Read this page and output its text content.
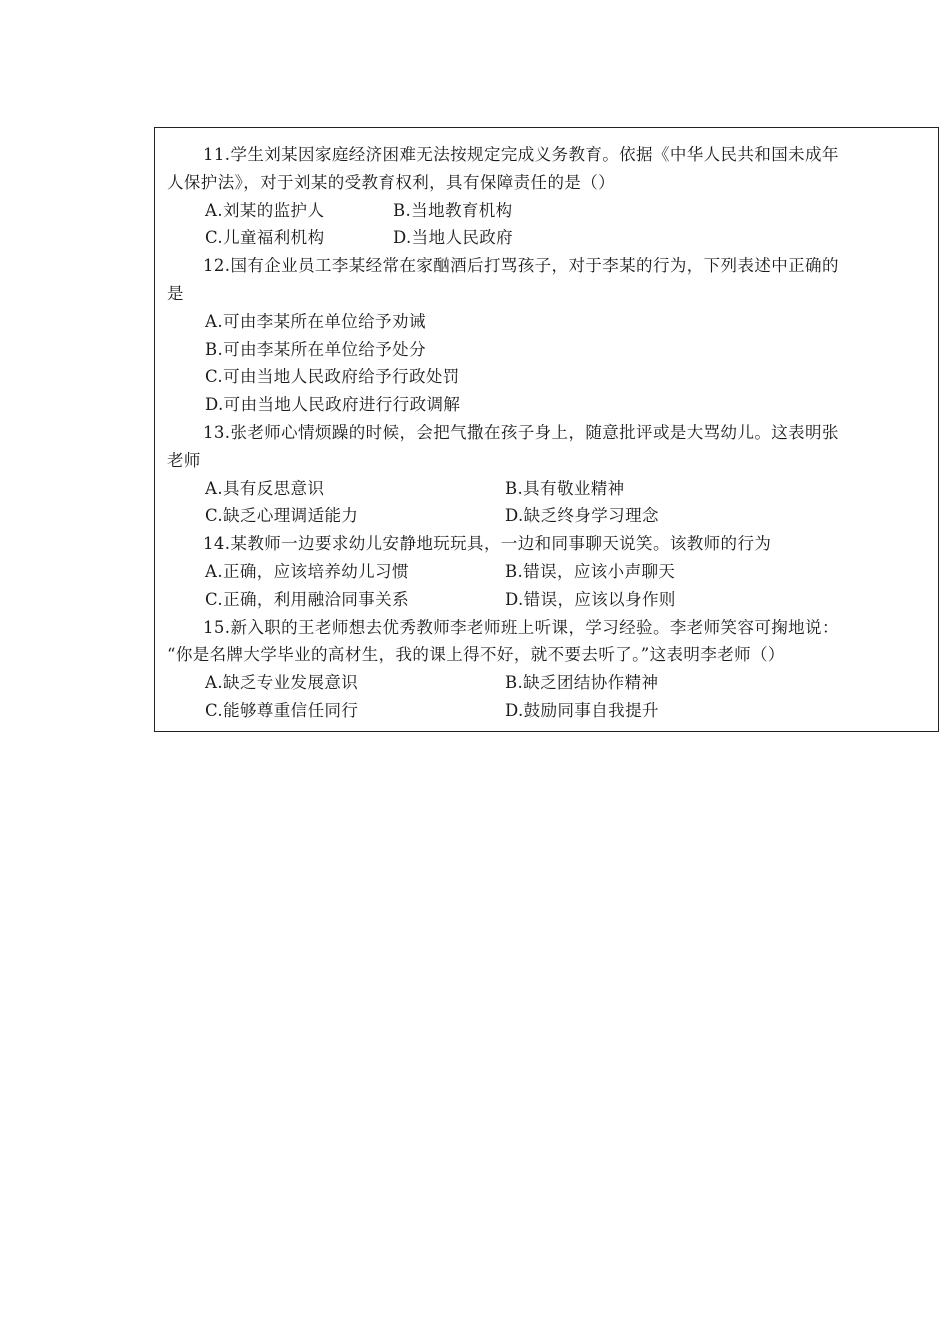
11.学生刘某因家庭经济困难无法按规定完成义务教育。依据《中华人民共和国未成年
人保护法》，对于刘某的受教育权利，具有保障责任的是（）
A.刘某的监护人	B.当地教育机构
C.儿童福利机构	D.当地人民政府
12.国有企业员工李某经常在家酗酒后打骂孩子，对于李某的行为，下列表述中正确的
是
A.可由李某所在单位给予劝诫
B.可由李某所在单位给予处分
C.可由当地人民政府给予行政处罚
D.可由当地人民政府进行行政调解
13.张老师心情烦躁的时候，会把气撒在孩子身上，随意批评或是大骂幼儿。这表明张
老师
A.具有反思意识	B.具有敬业精神
C.缺乏心理调适能力	D.缺乏终身学习理念
14.某教师一边要求幼儿安静地玩玩具，一边和同事聊天说笑。该教师的行为
A.正确，应该培养幼儿习惯	B.错误，应该小声聊天
C.正确，利用融洽同事关系	D.错误，应该以身作则
15.新入职的王老师想去优秀教师李老师班上听课，学习经验。李老师笑容可掬地说：
“你是名牌大学毕业的高材生，我的课上得不好，就不要去听了。”这表明李老师（）
A.缺乏专业发展意识	B.缺乏团结协作精神
C.能够尊重信任同行	D.鼓励同事自我提升
